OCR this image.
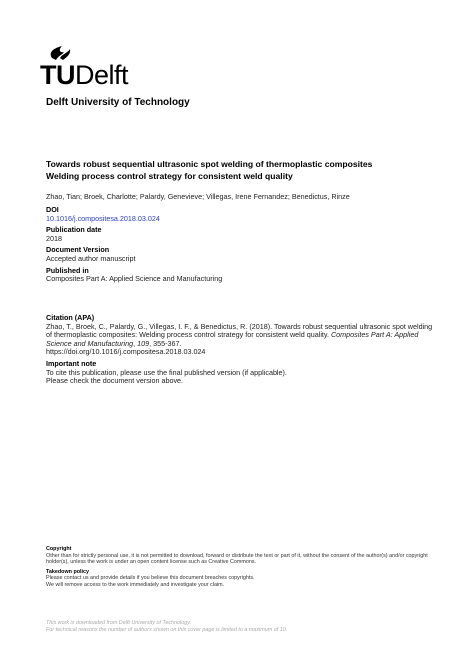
TUDelft
Delft University of Technology
Towards robust sequential ultrasonic spot welding of thermoplastic composites
Welding process control strategy for consistent weld quality
Zhao, Tian; Broek, Charlotte; Palardy, Genevieve; Villegas, Irene Fernandez; Benedictus, Rinze
DOI
10.1016/j.compositesa.2018.03.024
Publication date
2018
Document Version
Accepted author manuscript
Published in
Composites Part A: Applied Science and Manufacturing
Citation (APA)
Zhao, T., Broek, C., Palardy, G., Villegas, I. F., & Benedictus, R. (2018). Towards robust sequential ultrasonic spot welding of thermoplastic composites: Welding process control strategy for consistent weld quality. Composites Part A: Applied Science and Manufacturing, 109, 355-367.
https://doi.org/10.1016/j.compositesa.2018.03.024
Important note
To cite this publication, please use the final published version (if applicable).
Please check the document version above.
Copyright
Other than for strictly personal use, it is not permitted to download, forward or distribute the text or part of it, without the consent of the author(s) and/or copyright holder(s), unless the work is under an open content license such as Creative Commons.
Takedown policy
Please contact us and provide details if you believe this document breaches copyrights.
We will remove access to the work immediately and investigate your claim.
This work is downloaded from Delft University of Technology.
For technical reasons the number of authors shown on this cover page is limited to a maximum of 10.
